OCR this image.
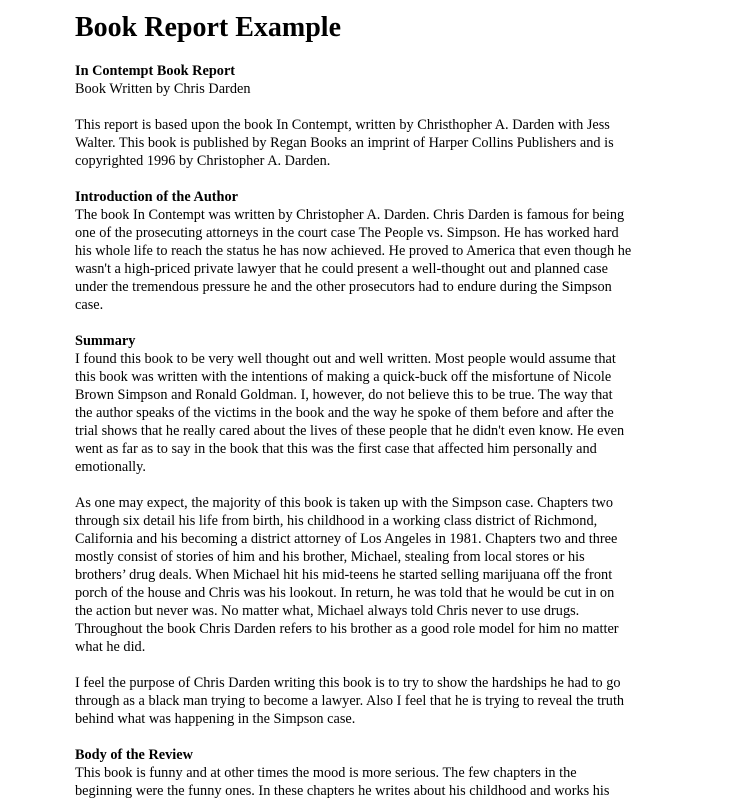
Book Report Example

In Contempt Book Report
Book Written by Chris Darden

This report is based upon the book In Contempt, written by Christhopher A. Darden with Jess
Walter. This book is published by Regan Books an imprint of Harper Collins Publishers and is
copyrighted 1996 by Christopher A. Darden.

Introduction of the Author
The book In Contempt was written by Christopher A. Darden. Chris Darden is famous for being
one of the prosecuting attorneys in the court case The People vs. Simpson. He has worked hard
his whole life to reach the status he has now achieved. He proved to America that even though he
wasn't a high-priced private lawyer that he could present a well-thought out and planned case
under the tremendous pressure he and the other prosecutors had to endure during the Simpson
case.

Summary
I found this book to be very well thought out and well written. Most people would assume that
this book was written with the intentions of making a quick-buck off the misfortune of Nicole
Brown Simpson and Ronald Goldman. I, however, do not believe this to be true. The way that
the author speaks of the victims in the book and the way he spoke of them before and after the
trial shows that he really cared about the lives of these people that he didn't even know. He even
went as far as to say in the book that this was the first case that affected him personally and
emotionally.

As one may expect, the majority of this book is taken up with the Simpson case. Chapters two
through six detail his life from birth, his childhood in a working class district of Richmond,
California and his becoming a district attorney of Los Angeles in 1981. Chapters two and three
mostly consist of stories of him and his brother, Michael, stealing from local stores or his
brothers’ drug deals. When Michael hit his mid-teens he started selling marijuana off the front
porch of the house and Chris was his lookout. In return, he was told that he would be cut in on
the action but never was. No matter what, Michael always told Chris never to use drugs.
Throughout the book Chris Darden refers to his brother as a good role model for him no matter
what he did.

I feel the purpose of Chris Darden writing this book is to try to show the hardships he had to go
through as a black man trying to become a lawyer. Also I feel that he is trying to reveal the truth
behind what was happening in the Simpson case.

Body of the Review
This book is funny and at other times the mood is more serious. The few chapters in the
beginning were the funny ones. In these chapters he writes about his childhood and works his
